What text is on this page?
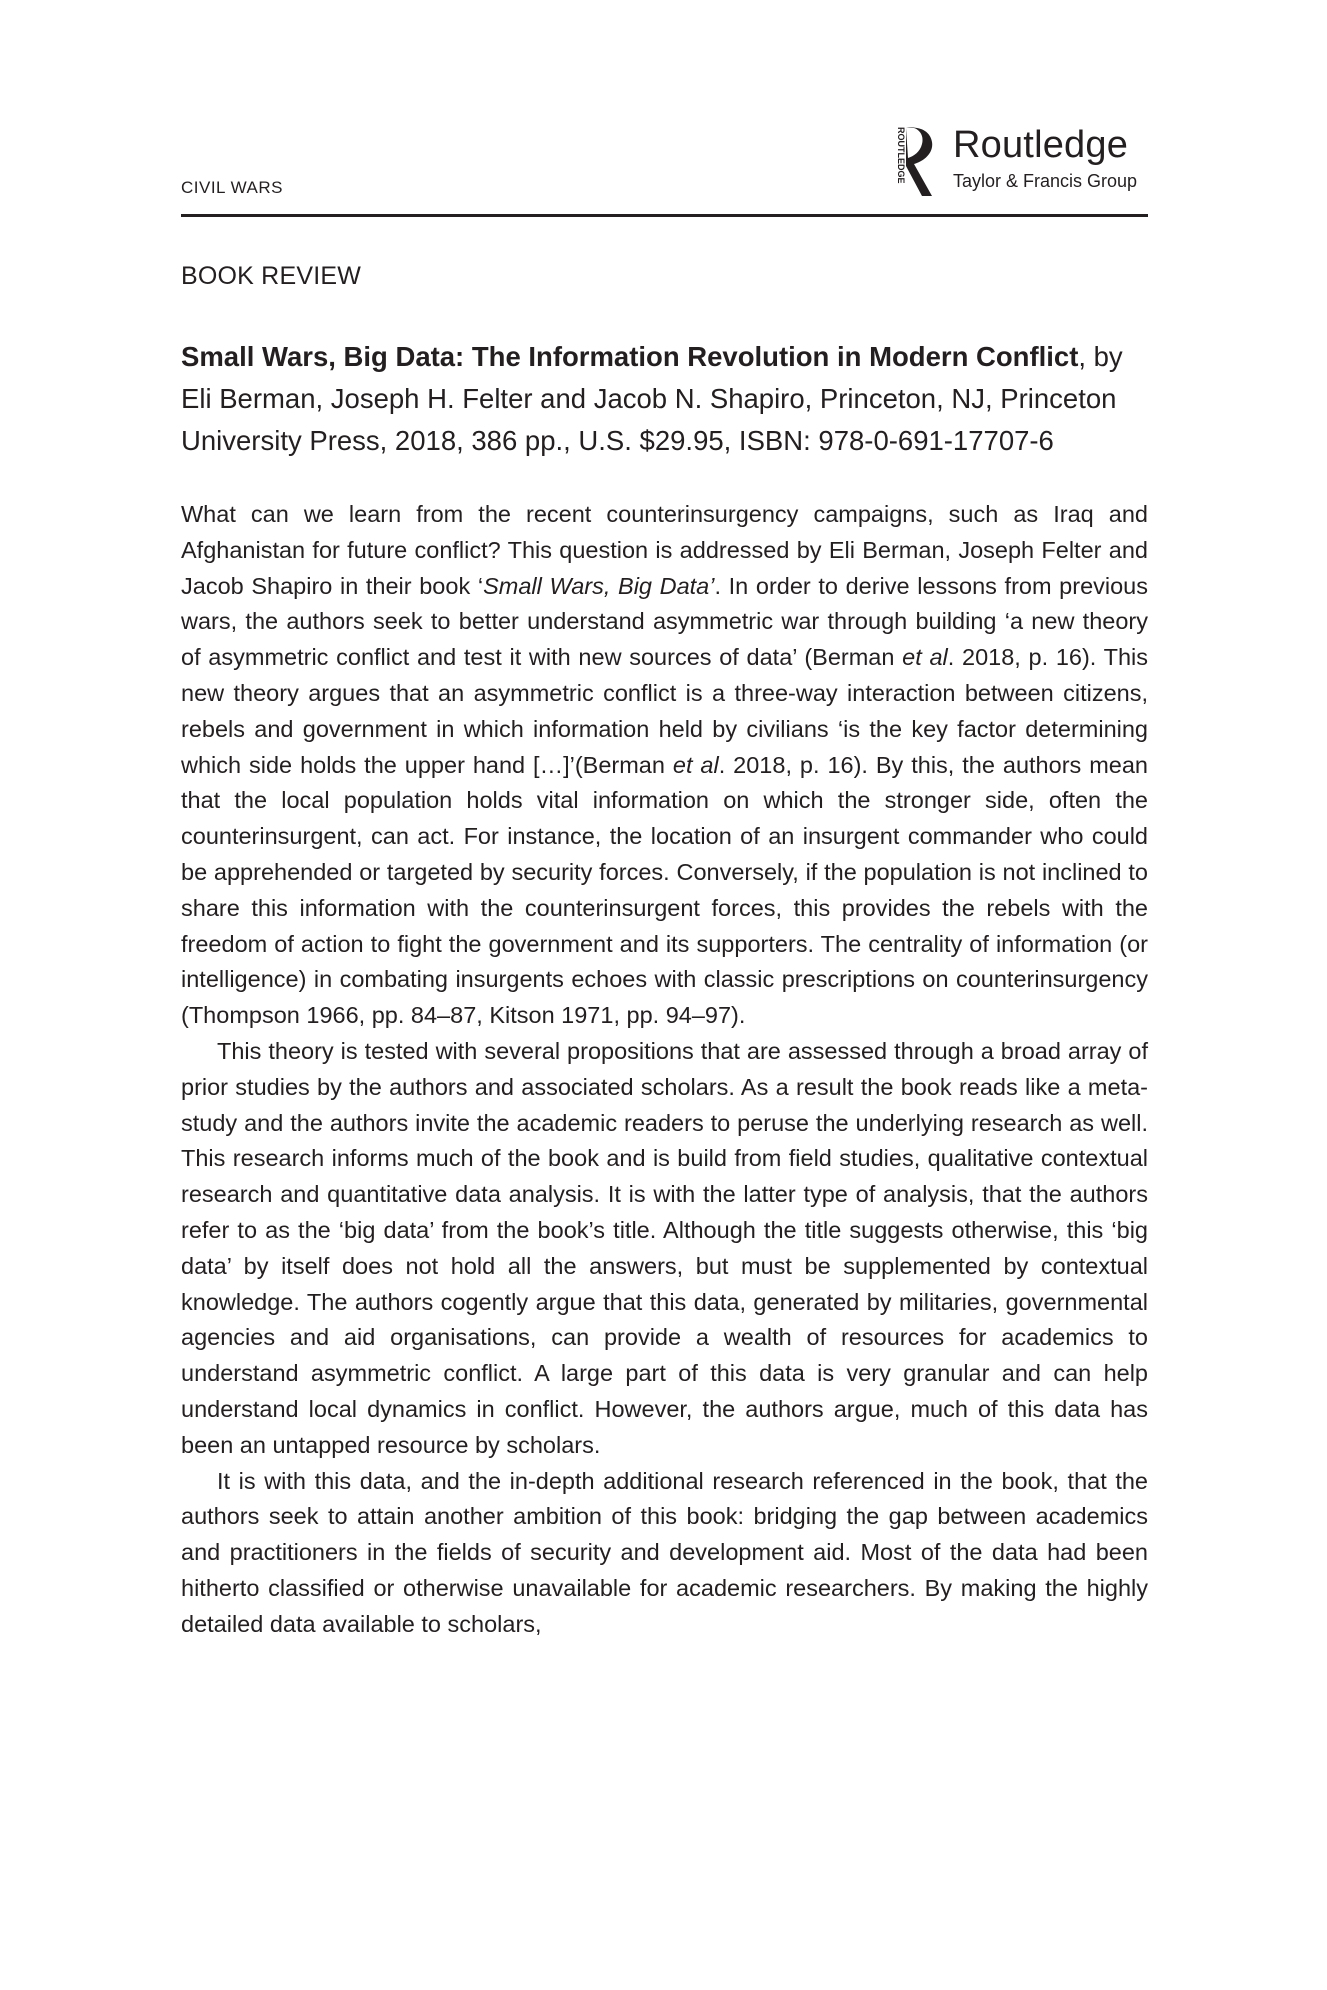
CIVIL WARS
ROUTLEDGE Routledge
Taylor & Francis Group
BOOK REVIEW
Small Wars, Big Data: The Information Revolution in Modern Conflict, by Eli Berman, Joseph H. Felter and Jacob N. Shapiro, Princeton, NJ, Princeton University Press, 2018, 386 pp., U.S. $29.95, ISBN: 978-0-691-17707-6

What can we learn from the recent counterinsurgency campaigns, such as Iraq and Afghanistan for future conflict? This question is addressed by Eli Berman, Joseph Felter and Jacob Shapiro in their book ‘Small Wars, Big Data’. In order to derive lessons from previous wars, the authors seek to better understand asymmetric war through building ‘a new theory of asymmetric conflict and test it with new sources of data’ (Berman et al. 2018, p. 16). This new theory argues that an asymmetric conflict is a three-way interaction between citizens, rebels and government in which information held by civilians ‘is the key factor determining which side holds the upper hand […]’(Berman et al. 2018, p. 16). By this, the authors mean that the local population holds vital information on which the stronger side, often the counterinsurgent, can act. For instance, the location of an insurgent commander who could be apprehended or targeted by security forces. Conversely, if the population is not inclined to share this information with the counterinsurgent forces, this provides the rebels with the freedom of action to fight the government and its supporters. The centrality of information (or intelligence) in combating insurgents echoes with classic prescriptions on counterinsurgency (Thompson 1966, pp. 84–87, Kitson 1971, pp. 94–97).

This theory is tested with several propositions that are assessed through a broad array of prior studies by the authors and associated scholars. As a result the book reads like a meta-study and the authors invite the academic readers to peruse the underlying research as well. This research informs much of the book and is build from field studies, qualitative contextual research and quantitative data analysis. It is with the latter type of analysis, that the authors refer to as the ‘big data’ from the book’s title. Although the title suggests otherwise, this ‘big data’ by itself does not hold all the answers, but must be supplemented by contextual knowledge. The authors cogently argue that this data, generated by militaries, governmental agencies and aid organisations, can provide a wealth of resources for academics to understand asymmetric conflict. A large part of this data is very granular and can help understand local dynamics in conflict. However, the authors argue, much of this data has been an untapped resource by scholars.

It is with this data, and the in-depth additional research referenced in the book, that the authors seek to attain another ambition of this book: bridging the gap between academics and practitioners in the fields of security and development aid. Most of the data had been hitherto classified or otherwise unavailable for academic researchers. By making the highly detailed data available to scholars,
